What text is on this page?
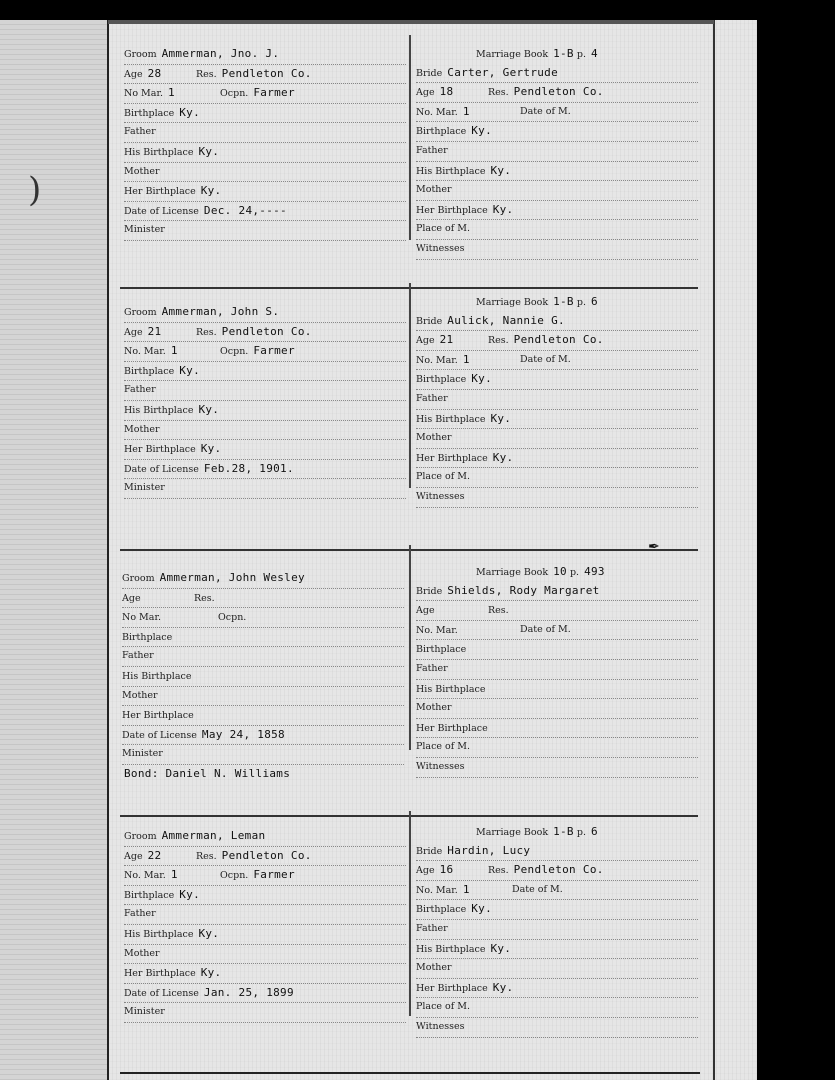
)
Groom Ammerman, Jno. J.
Age 28	Res. Pendleton Co.
No Mar. 1	Ocpn. Farmer
Birthplace Ky.
Father
His Birthplace Ky.
Mother
Her Birthplace Ky.
Date of License Dec. 24,----
Minister
Marriage Book 1-B p. 4
Bride Carter, Gertrude
Age 18	Res. Pendleton Co.
No. Mar. 1	Date of M.
Birthplace Ky.
Father
His Birthplace Ky.
Mother
Her Birthplace Ky.
Place of M.
Witnesses
Groom Ammerman, John S.
Age 21	Res. Pendleton Co.
No. Mar. 1	Ocpn. Farmer
Birthplace Ky.
Father
His Birthplace Ky.
Mother
Her Birthplace Ky.
Date of License Feb.28, 1901.
Minister
Marriage Book 1-B p. 6
Bride Aulick, Nannie G.
Age 21	Res. Pendleton Co.
No. Mar. 1	Date of M.
Birthplace Ky.
Father
His Birthplace Ky.
Mother
Her Birthplace Ky.
Place of M.
Witnesses
✒
Groom Ammerman, John Wesley
Age	Res.
No Mar.	Ocpn.
Birthplace
Father
His Birthplace
Mother
Her Birthplace
Date of License May 24, 1858
Minister
Bond: Daniel N. Williams
Marriage Book 10 p. 493
Bride Shields, Rody Margaret
Age	Res.
No. Mar.	Date of M.
Birthplace
Father
His Birthplace
Mother
Her Birthplace
Place of M.
Witnesses
Groom Ammerman, Leman
Age 22	Res. Pendleton Co.
No. Mar. 1	Ocpn. Farmer
Birthplace Ky.
Father
His Birthplace Ky.
Mother
Her Birthplace Ky.
Date of License Jan. 25, 1899
Minister
Marriage Book 1-B p. 6
Bride Hardin, Lucy
Age 16	Res. Pendleton Co.
No. Mar. 1	Date of M.
Birthplace Ky.
Father
His Birthplace Ky.
Mother
Her Birthplace Ky.
Place of M.
Witnesses
